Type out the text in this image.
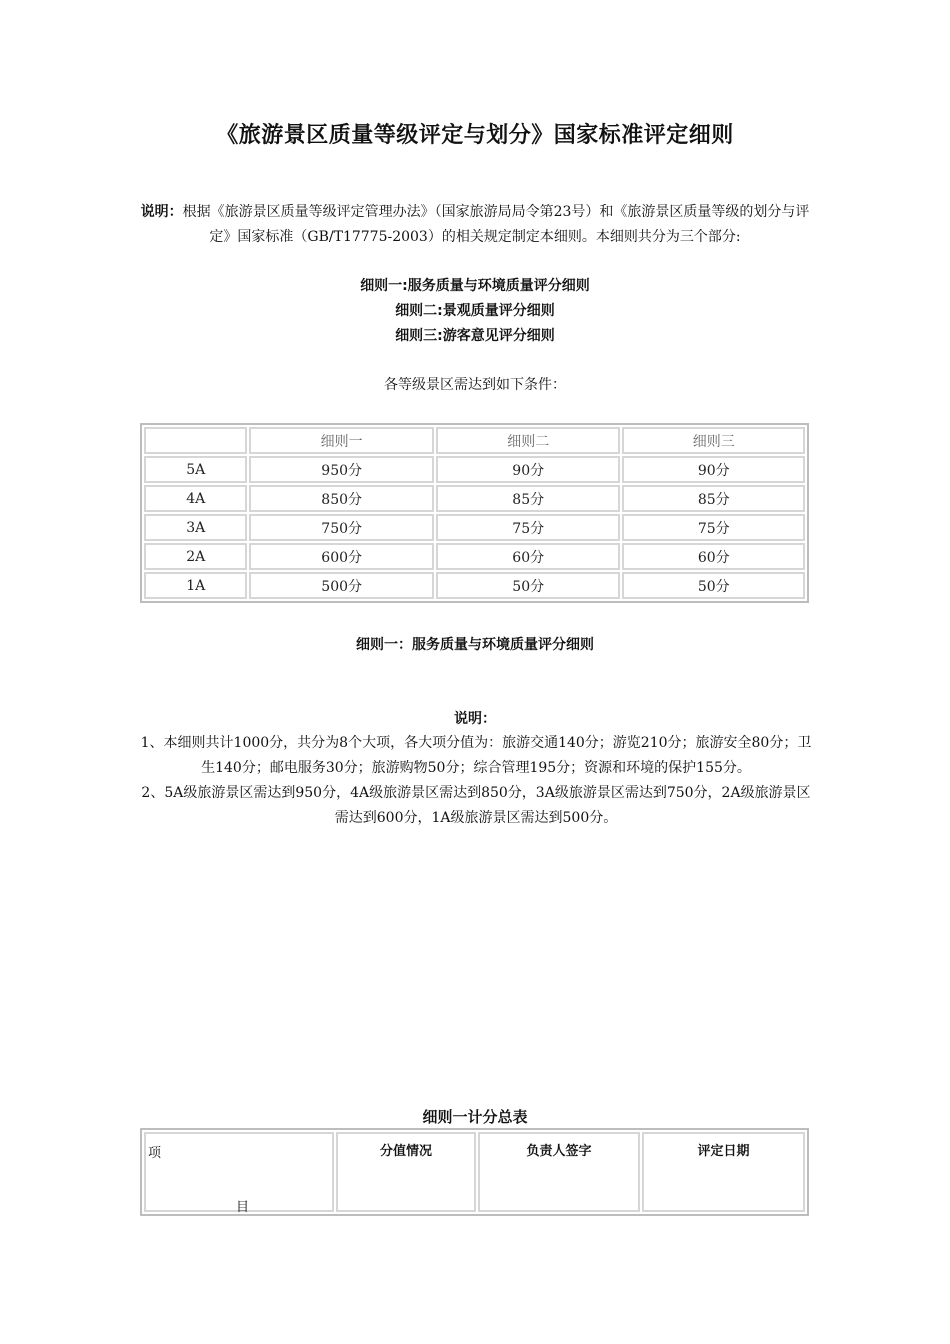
《旅游景区质量等级评定与划分》国家标准评定细则
说明：根据《旅游景区质量等级评定管理办法》（国家旅游局局令第23号）和《旅游景区质量等级的划分与评定》国家标准（GB/T17775-2003）的相关规定制定本细则。本细则共分为三个部分:
细则一:服务质量与环境质量评分细则
细则二:景观质量评分细则
细则三:游客意见评分细则
各等级景区需达到如下条件：
	细则一	细则二	细则三
5A	950分	90分	90分
4A	850分	85分	85分
3A	750分	75分	75分
2A	600分	60分	60分
1A	500分	50分	50分
细则一：服务质量与环境质量评分细则
说明：

1、本细则共计1000分，共分为8个大项，各大项分值为：旅游交通140分；游览210分；旅游安全80分；卫生140分；邮电服务30分；旅游购物50分；综合管理195分；资源和环境的保护155分。

2、5A级旅游景区需达到950分，4A级旅游景区需达到850分，3A级旅游景区需达到750分，2A级旅游景区需达到600分，1A级旅游景区需达到500分。

细则一计分总表
项
目
	分值情况	负责人签字	评定日期
